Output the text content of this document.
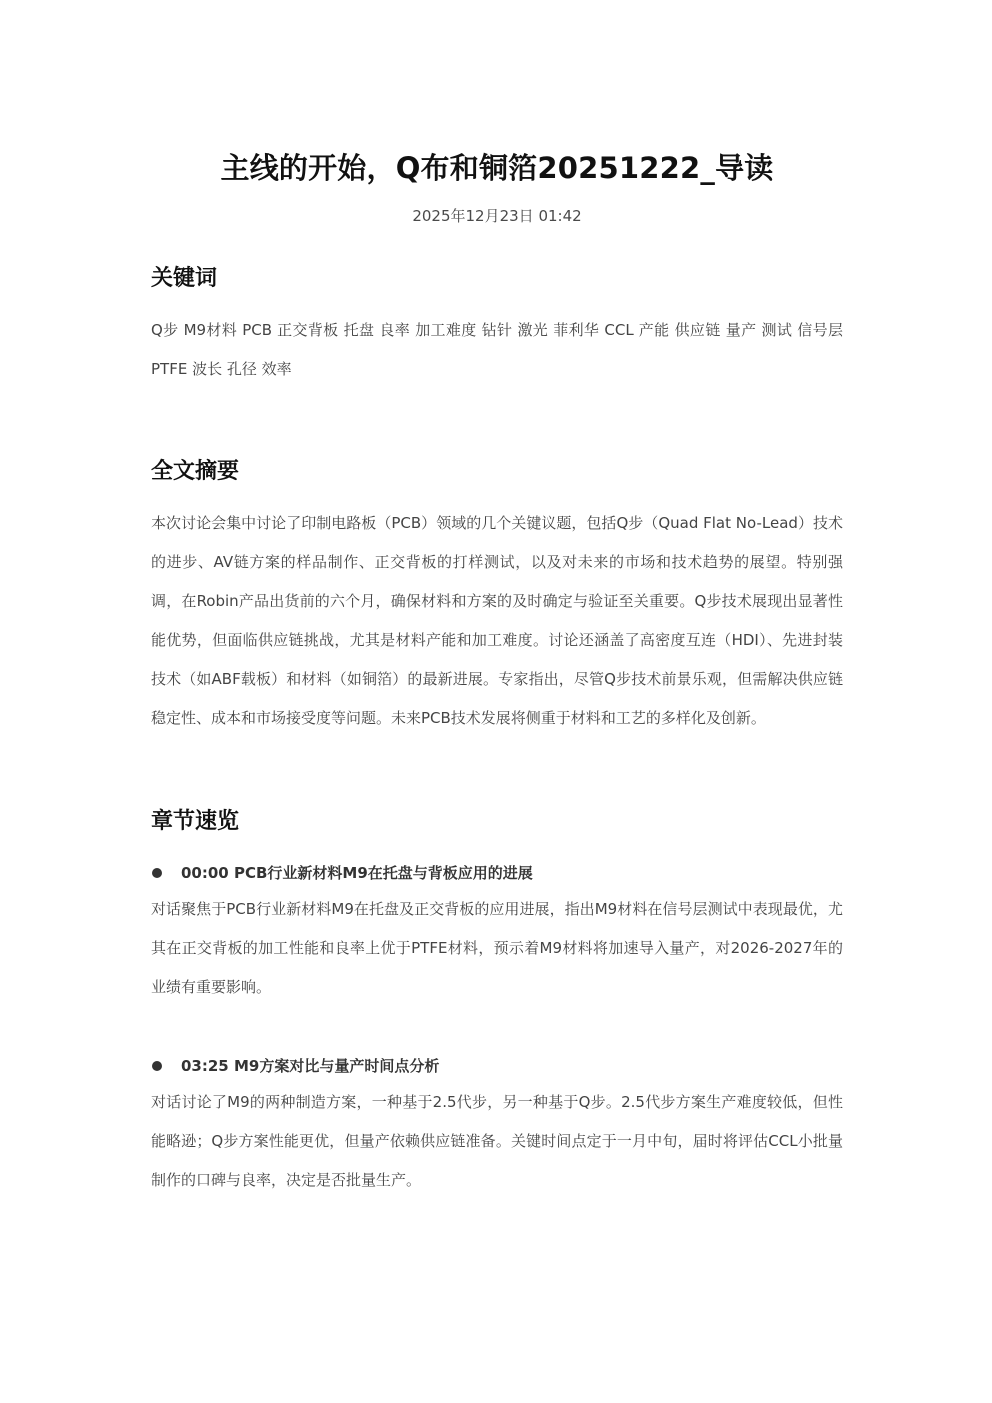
主线的开始，Q布和铜箔20251222_导读
2025年12月23日 01:42
关键词

Q步 M9材料 PCB 正交背板 托盘 良率 加工难度 钻针 激光 菲利华 CCL 产能 供应链 量产 测试 信号层 PTFE 波长 孔径 效率

全文摘要

本次讨论会集中讨论了印制电路板（PCB）领域的几个关键议题，包括Q步（Quad Flat No-Lead）技术的进步、AV链方案的样品制作、正交背板的打样测试，以及对未来的市场和技术趋势的展望。特别强调，在Robin产品出货前的六个月，确保材料和方案的及时确定与验证至关重要。Q步技术展现出显著性能优势，但面临供应链挑战，尤其是材料产能和加工难度。讨论还涵盖了高密度互连（HDI）、先进封装技术（如ABF载板）和材料（如铜箔）的最新进展。专家指出，尽管Q步技术前景乐观，但需解决供应链稳定性、成本和市场接受度等问题。未来PCB技术发展将侧重于材料和工艺的多样化及创新。

章节速览
00:00 PCB行业新材料M9在托盘与背板应用的进展

对话聚焦于PCB行业新材料M9在托盘及正交背板的应用进展，指出M9材料在信号层测试中表现最优，尤其在正交背板的加工性能和良率上优于PTFE材料，预示着M9材料将加速导入量产，对2026-2027年的业绩有重要影响。

03:25 M9方案对比与量产时间点分析

对话讨论了M9的两种制造方案，一种基于2.5代步，另一种基于Q步。2.5代步方案生产难度较低，但性能略逊；Q步方案性能更优，但量产依赖供应链准备。关键时间点定于一月中旬，届时将评估CCL小批量制作的口碑与良率，决定是否批量生产。
